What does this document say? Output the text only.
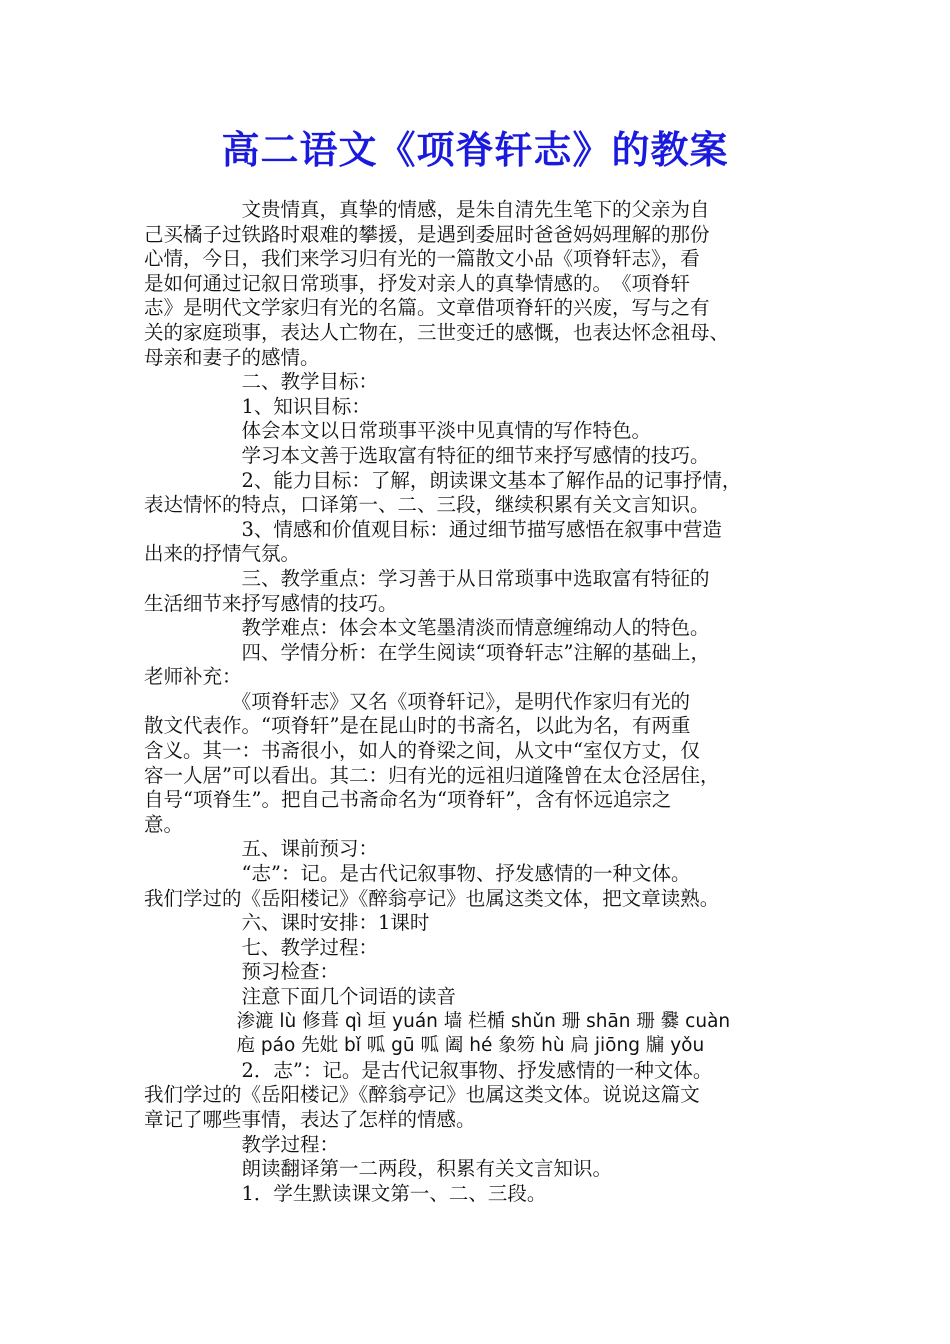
高二语文《项脊轩志》的教案

　　　　　文贵情真，真挚的情感，是朱自清先生笔下的父亲为自

己买橘子过铁路时艰难的攀援，是遇到委屈时爸爸妈妈理解的那份

心情，今日，我们来学习归有光的一篇散文小品《项脊轩志》，看

是如何通过记叙日常琐事，抒发对亲人的真挚情感的。　《项脊轩

志》是明代文学家归有光的名篇。文章借项脊轩的兴废，写与之有

关的家庭琐事，表达人亡物在，三世变迁的感慨，也表达怀念祖母、

母亲和妻子的感情。

　　　　　二、教学目标：

　　　　　1、知识目标：

　　　　　体会本文以日常琐事平淡中见真情的写作特色。

　　　　　学习本文善于选取富有特征的细节来抒写感情的技巧。

　　　　　2、能力目标：了解，朗读课文基本了解作品的记事抒情，

表达情怀的特点，口译第一、二、三段，继续积累有关文言知识。

　　　　　3、情感和价值观目标：通过细节描写感悟在叙事中营造

出来的抒情气氛。

　　　　　三、教学重点：学习善于从日常琐事中选取富有特征的

生活细节来抒写感情的技巧。

　　　　　教学难点：体会本文笔墨清淡而情意缠绵动人的特色。

　　　　　四、学情分析：在学生阅读“项脊轩志”注解的基础上，

老师补充：

　　　　　《项脊轩志》又名《项脊轩记》，是明代作家归有光的

散文代表作。“项脊轩”是在昆山时的书斋名，以此为名，有两重

含义。其一：书斋很小，如人的脊梁之间，从文中“室仅方丈，仅

容一人居”可以看出。其二：归有光的远祖归道隆曾在太仓泾居住，

自号“项脊生”。把自己书斋命名为“项脊轩”，含有怀远追宗之

意。

　　　　　五、课前预习：

　　　　　“志”：记。是古代记叙事物、抒发感情的一种文体。

我们学过的《岳阳楼记》《醉翁亭记》也属这类文体，把文章读熟。

　　　　　六、课时安排：1课时

　　　　　七、教学过程：

　　　　　预习检查：

　　　　　注意下面几个词语的读音

　　　　　渗漉 lù 修葺 qì 垣 yuán 墙 栏楯 shǔn 珊 shān 珊 爨 cuàn

　　　　　庖 páo 先妣 bǐ 呱 gū 呱 阖 hé 象笏 hù 扃 jiōng 牖 yǒu

　　　　　2．志”：记。是古代记叙事物、抒发感情的一种文体。

我们学过的《岳阳楼记》《醉翁亭记》也属这类文体。说说这篇文

章记了哪些事情，表达了怎样的情感。

　　　　　教学过程：

　　　　　朗读翻译第一二两段，积累有关文言知识。

　　　　　1．学生默读课文第一、二、三段。
